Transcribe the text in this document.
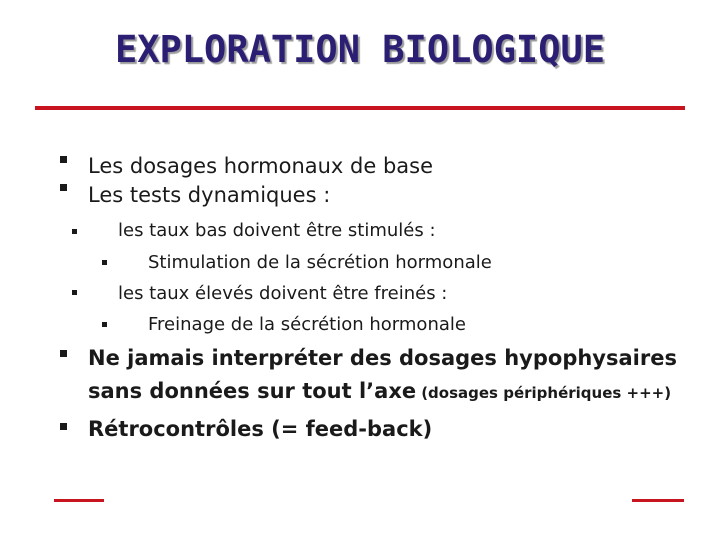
EXPLORATION BIOLOGIQUE
Les dosages hormonaux de base
Les tests dynamiques :
les taux bas doivent être stimulés :
Stimulation de la sécrétion hormonale
les taux élevés doivent être freinés :
Freinage de la sécrétion hormonale
Ne jamais interpréter des dosages hypophysaires
sans données sur tout l’axe (dosages périphériques +++)
Rétrocontrôles (= feed-back)
